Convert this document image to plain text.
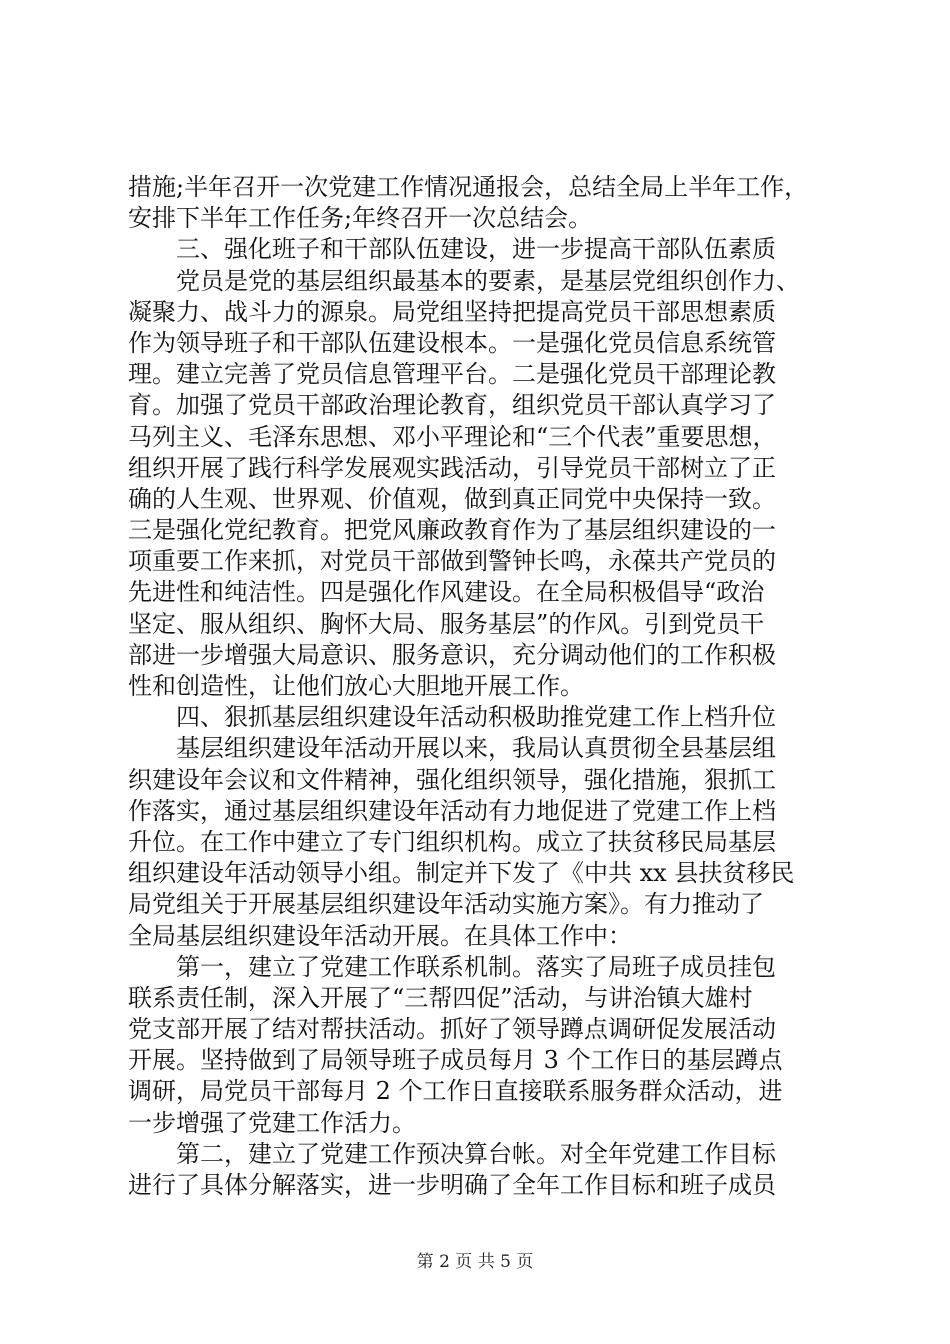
措施;半年召开一次党建工作情况通报会，总结全局上半年工作，
安排下半年工作任务;年终召开一次总结会。
三、强化班子和干部队伍建设，进一步提高干部队伍素质
党员是党的基层组织最基本的要素，是基层党组织创作力、
凝聚力、战斗力的源泉。局党组坚持把提高党员干部思想素质
作为领导班子和干部队伍建设根本。一是强化党员信息系统管
理。建立完善了党员信息管理平台。二是强化党员干部理论教
育。加强了党员干部政治理论教育，组织党员干部认真学习了
马列主义、毛泽东思想、邓小平理论和“三个代表”重要思想，
组织开展了践行科学发展观实践活动，引导党员干部树立了正
确的人生观、世界观、价值观，做到真正同党中央保持一致。
三是强化党纪教育。把党风廉政教育作为了基层组织建设的一
项重要工作来抓，对党员干部做到警钟长鸣，永葆共产党员的
先进性和纯洁性。四是强化作风建设。在全局积极倡导“政治
坚定、服从组织、胸怀大局、服务基层”的作风。引到党员干
部进一步增强大局意识、服务意识，充分调动他们的工作积极
性和创造性，让他们放心大胆地开展工作。
四、狠抓基层组织建设年活动积极助推党建工作上档升位
基层组织建设年活动开展以来，我局认真贯彻全县基层组
织建设年会议和文件精神，强化组织领导，强化措施，狠抓工
作落实，通过基层组织建设年活动有力地促进了党建工作上档
升位。在工作中建立了专门组织机构。成立了扶贫移民局基层
组织建设年活动领导小组。制定并下发了《中共 xx 县扶贫移民
局党组关于开展基层组织建设年活动实施方案》。有力推动了
全局基层组织建设年活动开展。在具体工作中：
第一，建立了党建工作联系机制。落实了局班子成员挂包
联系责任制，深入开展了“三帮四促”活动，与讲治镇大雄村
党支部开展了结对帮扶活动。抓好了领导蹲点调研促发展活动
开展。坚持做到了局领导班子成员每月 3 个工作日的基层蹲点
调研，局党员干部每月 2 个工作日直接联系服务群众活动，进
一步增强了党建工作活力。
第二，建立了党建工作预决算台帐。对全年党建工作目标
进行了具体分解落实，进一步明确了全年工作目标和班子成员
第 2 页 共 5 页
